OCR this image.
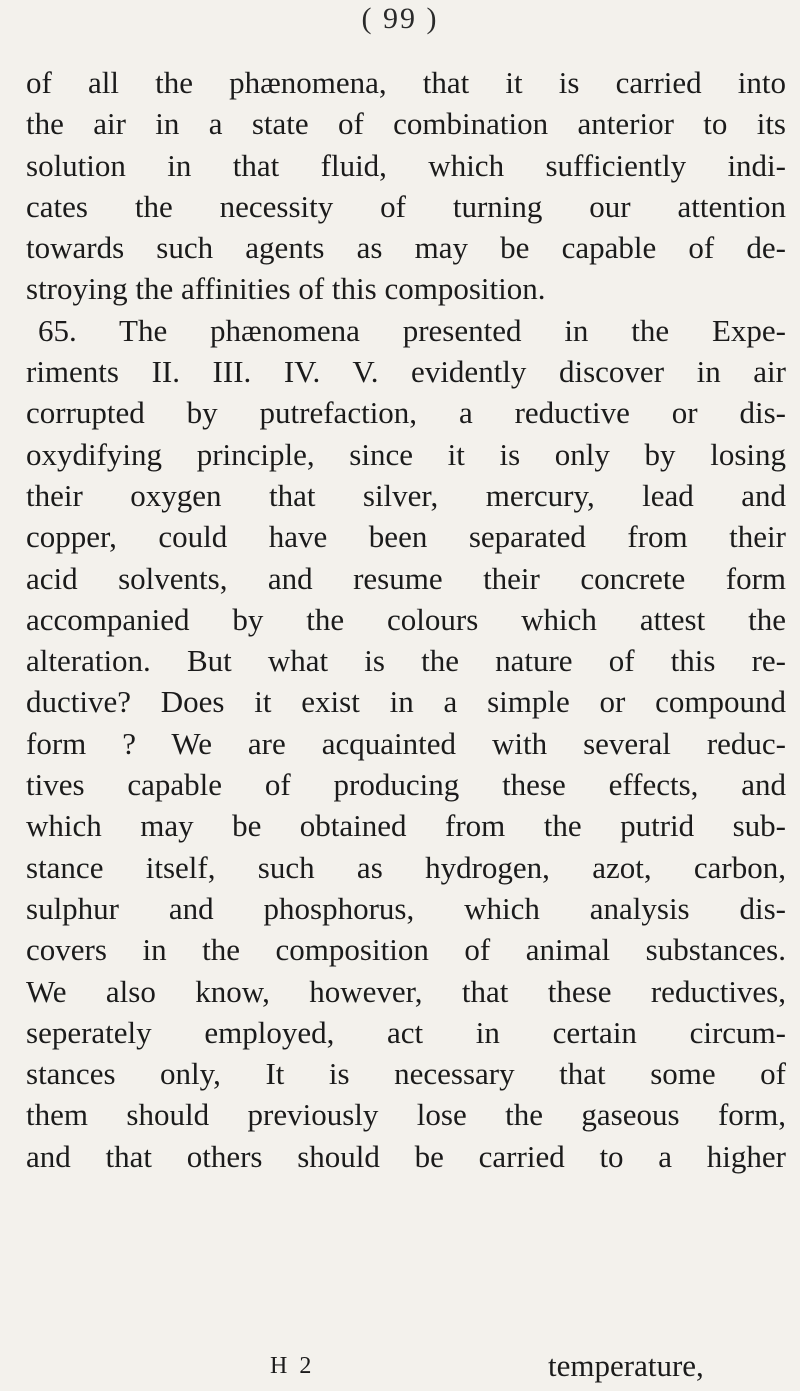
( 99 )
of all the phænomena, that it is carried into
the air in a state of combination anterior to its
solution in that fluid, which sufficiently indi-
cates the necessity of turning our attention
towards such agents as may be capable of de-
stroying the affinities of this composition.
65. The phænomena presented in the Expe-
riments II. III. IV. V. evidently discover in air
corrupted by putrefaction, a reductive or dis-
oxydifying principle, since it is only by losing
their oxygen that silver, mercury, lead and
copper, could have been separated from their
acid solvents, and resume their concrete form
accompanied by the colours which attest the
alteration. But what is the nature of this re-
ductive? Does it exist in a simple or compound
form ? We are acquainted with several reduc-
tives capable of producing these effects, and
which may be obtained from the putrid sub-
stance itself, such as hydrogen, azot, carbon,
sulphur and phosphorus, which analysis dis-
covers in the composition of animal substances.
We also know, however, that these reductives,
seperately employed, act in certain circum-
stances only, It is necessary that some of
them should previously lose the gaseous form,
and that others should be carried to a higher
H 2	temperature,
